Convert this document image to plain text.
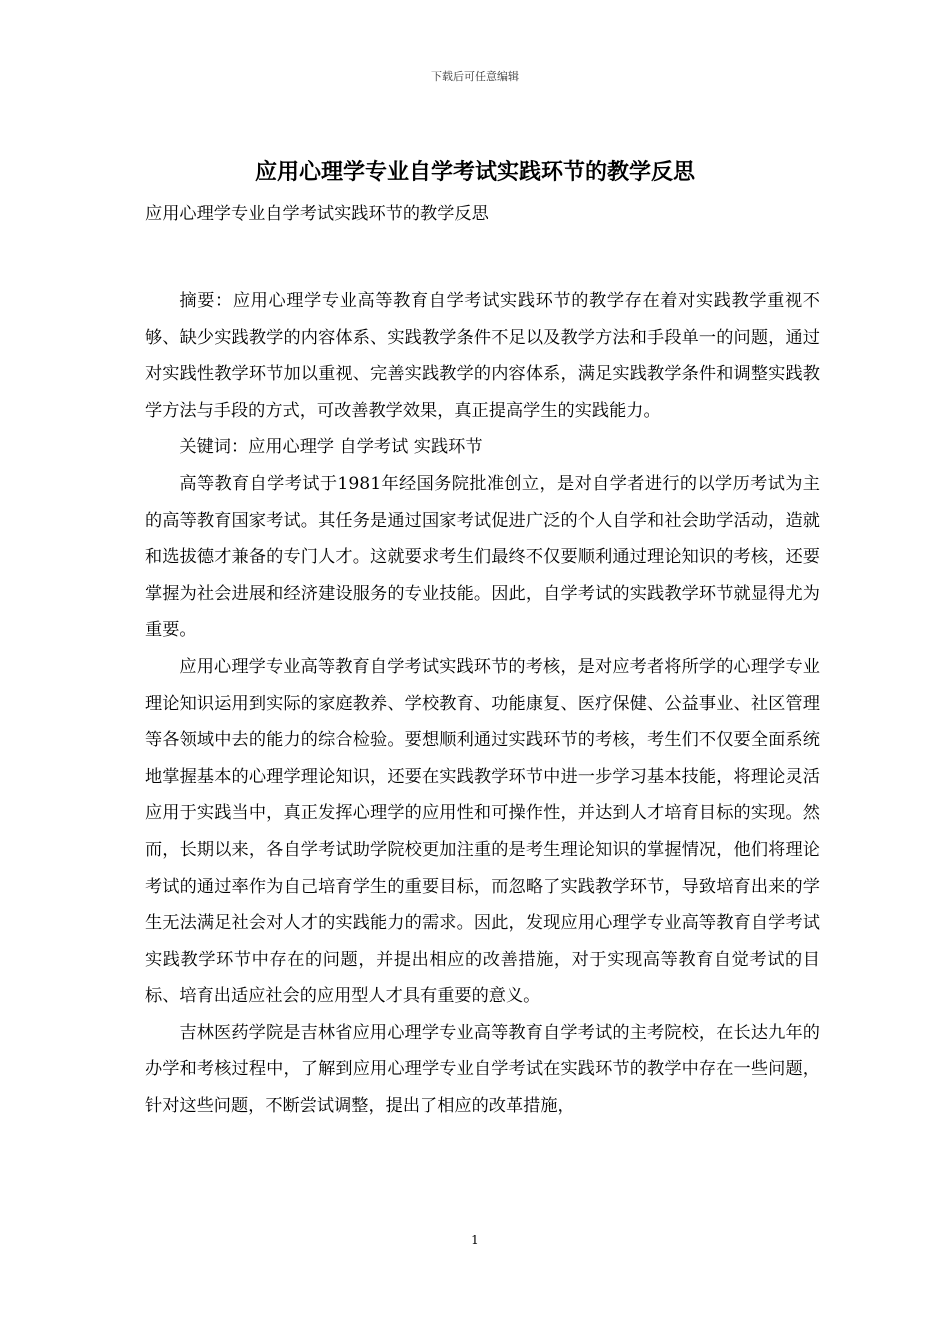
下载后可任意编辑
应用心理学专业自学考试实践环节的教学反思

应用心理学专业自学考试实践环节的教学反思

摘要：应用心理学专业高等教育自学考试实践环节的教学存在着对实践教学重视不够、缺少实践教学的内容体系、实践教学条件不足以及教学方法和手段单一的问题，通过对实践性教学环节加以重视、完善实践教学的内容体系，满足实践教学条件和调整实践教学方法与手段的方式，可改善教学效果，真正提高学生的实践能力。

关键词：应用心理学 自学考试 实践环节

高等教育自学考试于1981年经国务院批准创立，是对自学者进行的以学历考试为主的高等教育国家考试。其任务是通过国家考试促进广泛的个人自学和社会助学活动，造就和选拔德才兼备的专门人才。这就要求考生们最终不仅要顺利通过理论知识的考核，还要掌握为社会进展和经济建设服务的专业技能。因此，自学考试的实践教学环节就显得尤为重要。

应用心理学专业高等教育自学考试实践环节的考核，是对应考者将所学的心理学专业理论知识运用到实际的家庭教养、学校教育、功能康复、医疗保健、公益事业、社区管理等各领域中去的能力的综合检验。要想顺利通过实践环节的考核，考生们不仅要全面系统地掌握基本的心理学理论知识，还要在实践教学环节中进一步学习基本技能，将理论灵活应用于实践当中，真正发挥心理学的应用性和可操作性，并达到人才培育目标的实现。然而，长期以来，各自学考试助学院校更加注重的是考生理论知识的掌握情况，他们将理论考试的通过率作为自己培育学生的重要目标，而忽略了实践教学环节，导致培育出来的学生无法满足社会对人才的实践能力的需求。因此，发现应用心理学专业高等教育自学考试实践教学环节中存在的问题，并提出相应的改善措施，对于实现高等教育自觉考试的目标、培育出适应社会的应用型人才具有重要的意义。

吉林医药学院是吉林省应用心理学专业高等教育自学考试的主考院校，在长达九年的办学和考核过程中，了解到应用心理学专业自学考试在实践环节的教学中存在一些问题，针对这些问题，不断尝试调整，提出了相应的改革措施，

1
